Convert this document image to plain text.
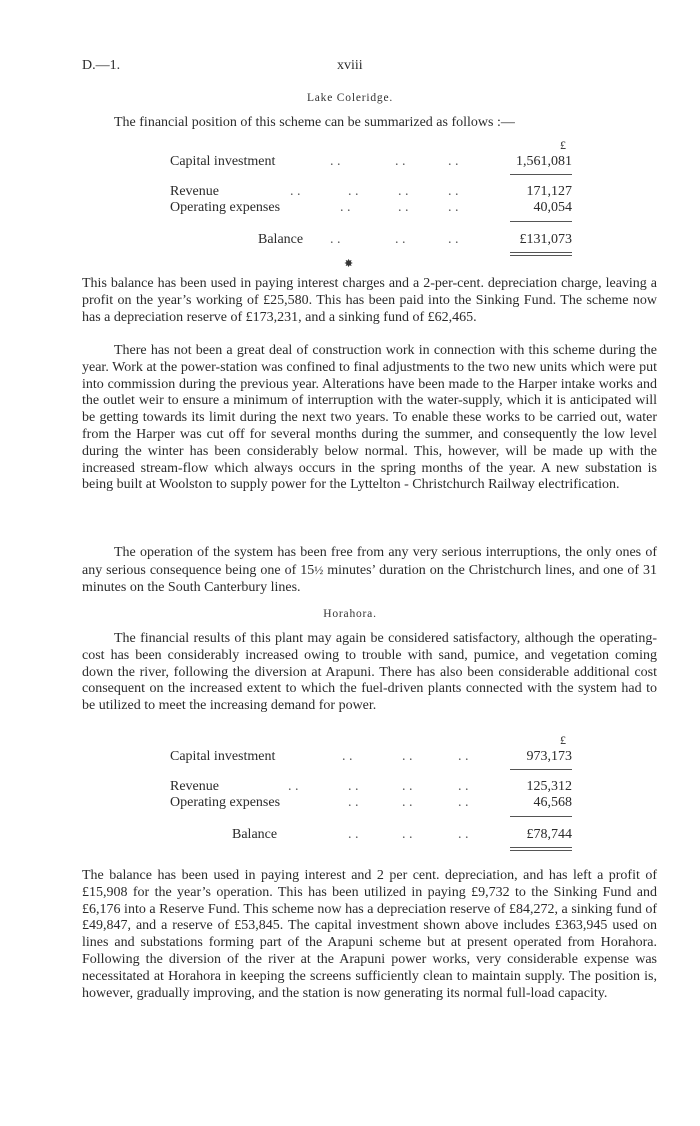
D.—1.	xviii
Lake Coleridge.

The financial position of this scheme can be summarized as follows :—

£
Capital investment	. .	. .	. .	1,561,081
Revenue	. .	. .	. .	. .	171,127
Operating expenses	. .	. .	. .	40,054
Balance . .	. .	. .	£131,073
✸

This balance has been used in paying interest charges and a 2-per-cent. depreciation charge, leaving a profit on the year’s working of £25,580. This has been paid into the Sinking Fund. The scheme now has a depreciation reserve of £173,231, and a sinking fund of £62,465.

There has not been a great deal of construction work in connection with this scheme during the year. Work at the power-station was confined to final adjustments to the two new units which were put into commission during the previous year. Alterations have been made to the Harper intake works and the outlet weir to ensure a minimum of interruption with the water-supply, which it is anticipated will be getting towards its limit during the next two years. To enable these works to be carried out, water from the Harper was cut off for several months during the summer, and consequently the low level during the winter has been considerably below normal. This, however, will be made up with the increased stream-flow which always occurs in the spring months of the year. A new substation is being built at Woolston to supply power for the Lyttelton - Christchurch Railway electrification.

The operation of the system has been free from any very serious interruptions, the only ones of any serious consequence being one of 15½ minutes’ duration on the Christchurch lines, and one of 31 minutes on the South Canterbury lines.

Horahora.

The financial results of this plant may again be considered satisfactory, although the operating-cost has been considerably increased owing to trouble with sand, pumice, and vegetation coming down the river, following the diversion at Arapuni. There has also been considerable additional cost consequent on the increased extent to which the fuel-driven plants connected with the system had to be utilized to meet the increasing demand for power.

£
Capital investment	. .	. .	. .	973,173
Revenue	. .	. .	. .	. .	125,312
Operating expenses	. .	. .	. .	46,568
Balance	. .	. .	. .	£78,744

The balance has been used in paying interest and 2 per cent. depreciation, and has left a profit of £15,908 for the year’s operation. This has been utilized in paying £9,732 to the Sinking Fund and £6,176 into a Reserve Fund. This scheme now has a depreciation reserve of £84,272, a sinking fund of £49,847, and a reserve of £53,845. The capital investment shown above includes £363,945 used on lines and substations forming part of the Arapuni scheme but at present operated from Horahora. Following the diversion of the river at the Arapuni power works, very considerable expense was necessitated at Horahora in keeping the screens sufficiently clean to maintain supply. The position is, however, gradually improving, and the station is now generating its normal full-load capacity.
